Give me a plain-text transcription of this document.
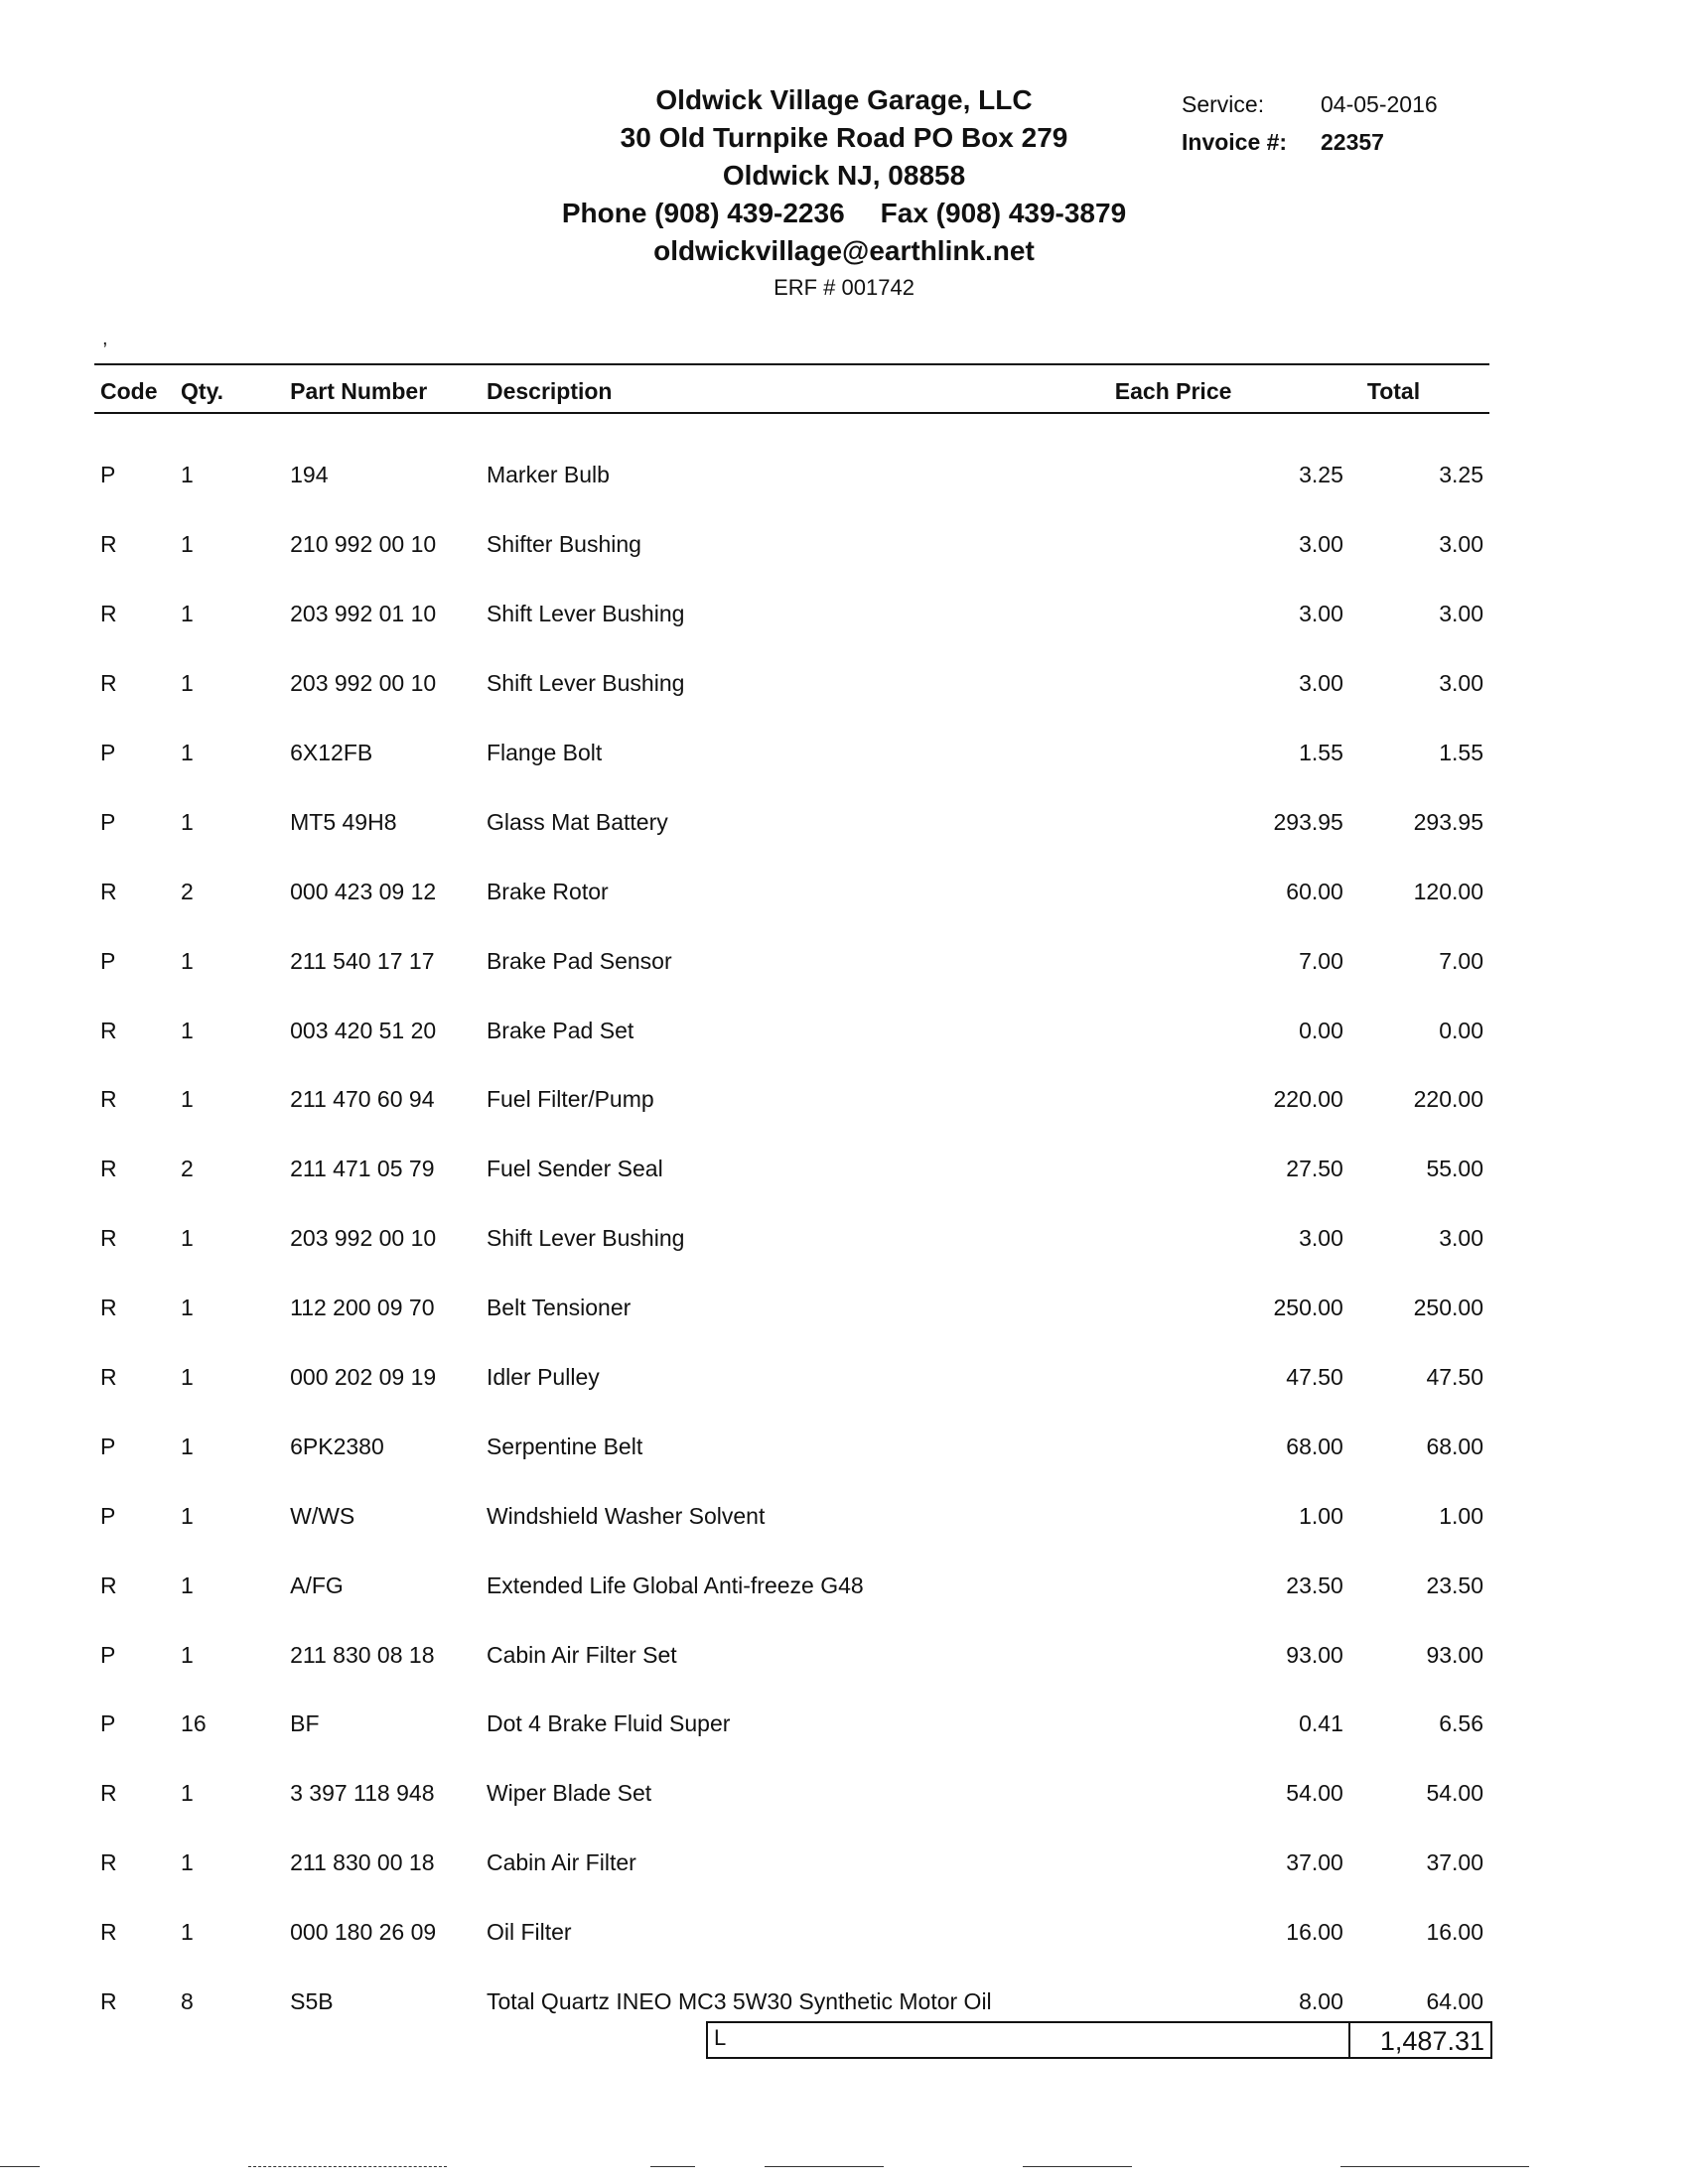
Oldwick Village Garage, LLC
30 Old Turnpike Road PO Box 279
Oldwick NJ, 08858
Phone (908) 439-2236 Fax (908) 439-3879
oldwickvillage@earthlink.net
ERF # 001742
Service:	04-05-2016
Invoice #:	22357
,
Code	Qty.	Part Number	Description	Each Price	Total

P	1	194	Marker Bulb	3.25	3.25
R	1	210 992 00 10	Shifter Bushing	3.00	3.00
R	1	203 992 01 10	Shift Lever Bushing	3.00	3.00
R	1	203 992 00 10	Shift Lever Bushing	3.00	3.00
P	1	6X12FB	Flange Bolt	1.55	1.55
P	1	MT5 49H8	Glass Mat Battery	293.95	293.95
R	2	000 423 09 12	Brake Rotor	60.00	120.00
P	1	211 540 17 17	Brake Pad Sensor	7.00	7.00
R	1	003 420 51 20	Brake Pad Set	0.00	0.00
R	1	211 470 60 94	Fuel Filter/Pump	220.00	220.00
R	2	211 471 05 79	Fuel Sender Seal	27.50	55.00
R	1	203 992 00 10	Shift Lever Bushing	3.00	3.00
R	1	112 200 09 70	Belt Tensioner	250.00	250.00
R	1	000 202 09 19	Idler Pulley	47.50	47.50
P	1	6PK2380	Serpentine Belt	68.00	68.00
P	1	W/WS	Windshield Washer Solvent	1.00	1.00
R	1	A/FG	Extended Life Global Anti-freeze G48	23.50	23.50
P	1	211 830 08 18	Cabin Air Filter Set	93.00	93.00
P	16	BF	Dot 4 Brake Fluid Super	0.41	6.56
R	1	3 397 118 948	Wiper Blade Set	54.00	54.00
R	1	211 830 00 18	Cabin Air Filter	37.00	37.00
R	1	000 180 26 09	Oil Filter	16.00	16.00
R	8	S5B	Total Quartz INEO MC3 5W30 Synthetic Motor Oil	8.00	64.00
L	1,487.31
